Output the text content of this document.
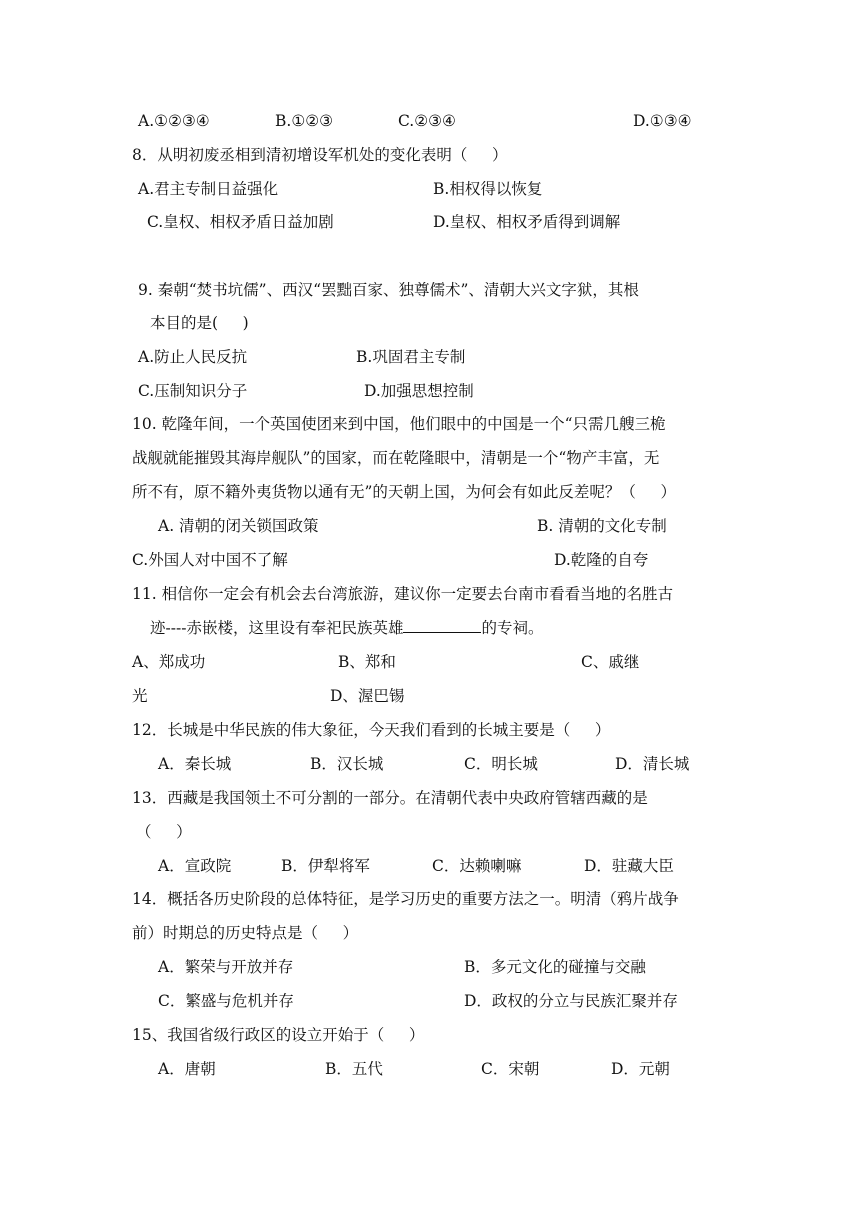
A.①②③④	B.①②③	C.②③④	D.①③④
8．从明初废丞相到清初增设军机处的变化表明（     ）
A.君主专制日益强化	B.相权得以恢复
C.皇权、相权矛盾日益加剧	D.皇权、相权矛盾得到调解
9. 秦朝“焚书坑儒”、西汉“罢黜百家、独尊儒术”、清朝大兴文字狱，其根
本目的是(     )
A.防止人民反抗	B.巩固君主专制
C.压制知识分子	D.加强思想控制
10. 乾隆年间，一个英国使团来到中国，他们眼中的中国是一个“只需几艘三桅
战舰就能摧毁其海岸舰队”的国家，而在乾隆眼中，清朝是一个“物产丰富，无
所不有，原不籍外夷货物以通有无”的天朝上国，为何会有如此反差呢？（     ）
A. 清朝的闭关锁国政策	B. 清朝的文化专制
C.外国人对中国不了解	D.乾隆的自夸
11. 相信你一定会有机会去台湾旅游，建议你一定要去台南市看看当地的名胜古
迹----赤嵌楼，这里设有奉祀民族英雄	的专祠。
A、郑成功	B、郑和	C、戚继
光	D、渥巴锡
12．长城是中华民族的伟大象征，今天我们看到的长城主要是（     ）
A．秦长城	B．汉长城	C．明长城	D．清长城
13．西藏是我国领土不可分割的一部分。在清朝代表中央政府管辖西藏的是
（     ）
A．宣政院	B．伊犁将军	C．达赖喇嘛	D．驻藏大臣
14．概括各历史阶段的总体特征，是学习历史的重要方法之一。明清（鸦片战争
前）时期总的历史特点是（     ）
A．繁荣与开放并存	B．多元文化的碰撞与交融
C．繁盛与危机并存	D．政权的分立与民族汇聚并存
15、我国省级行政区的设立开始于（     ）
A．唐朝	B．五代	C．宋朝	D．元朝
